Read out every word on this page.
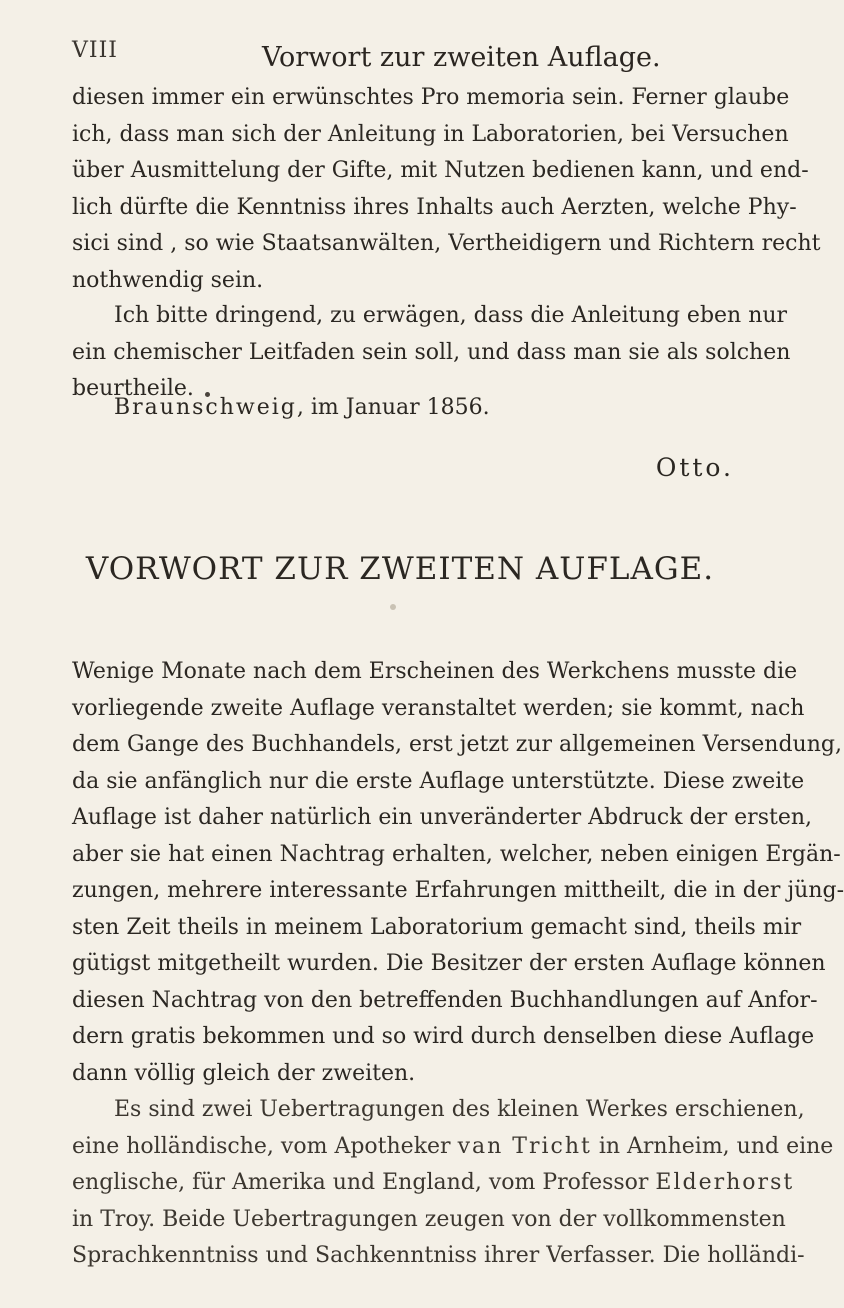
VIII	Vorwort zur zweiten Auflage.
diesen immer ein erwünschtes Pro memoria sein. Ferner glaube
ich, dass man sich der Anleitung in Laboratorien, bei Versuchen
über Ausmittelung der Gifte, mit Nutzen bedienen kann, und end-
lich dürfte die Kenntniss ihres Inhalts auch Aerzten, welche Phy-
sici sind , so wie Staatsanwälten, Vertheidigern und Richtern recht
nothwendig sein.
Ich bitte dringend, zu erwägen, dass die Anleitung eben nur
ein chemischer Leitfaden sein soll, und dass man sie als solchen
beurtheile.
Braunschweig, im Januar 1856.
Otto.
VORWORT ZUR ZWEITEN AUFLAGE.
Wenige Monate nach dem Erscheinen des Werkchens musste die
vorliegende zweite Auflage veranstaltet werden; sie kommt, nach
dem Gange des Buchhandels, erst jetzt zur allgemeinen Versendung,
da sie anfänglich nur die erste Auflage unterstützte. Diese zweite
Auflage ist daher natürlich ein unveränderter Abdruck der ersten,
aber sie hat einen Nachtrag erhalten, welcher, neben einigen Ergän-
zungen, mehrere interessante Erfahrungen mittheilt, die in der jüng-
sten Zeit theils in meinem Laboratorium gemacht sind, theils mir
gütigst mitgetheilt wurden. Die Besitzer der ersten Auflage können
diesen Nachtrag von den betreffenden Buchhandlungen auf Anfor-
dern gratis bekommen und so wird durch denselben diese Auflage
dann völlig gleich der zweiten.
Es sind zwei Uebertragungen des kleinen Werkes erschienen,
eine holländische, vom Apotheker van Tricht in Arnheim, und eine
englische, für Amerika und England, vom Professor Elderhorst
in Troy. Beide Uebertragungen zeugen von der vollkommensten
Sprachkenntniss und Sachkenntniss ihrer Verfasser. Die holländi-
